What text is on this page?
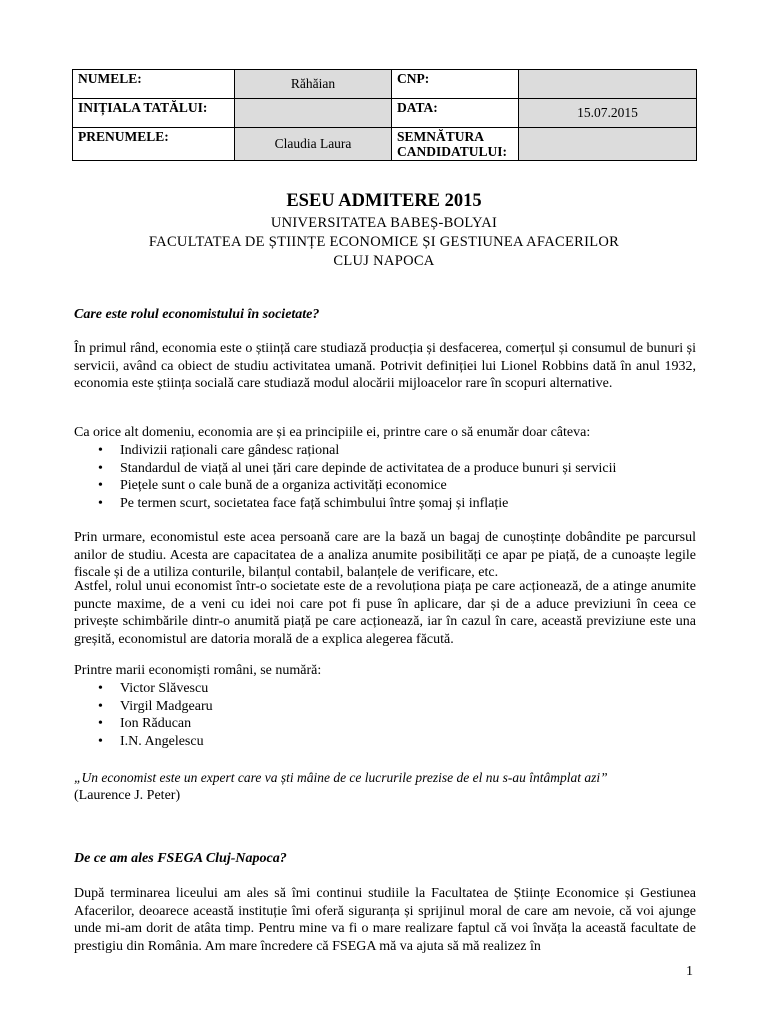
NUMELE:	Răhăian	CNP:	
INIȚIALA TATĂLUI:		DATA:	15.07.2015
PRENUMELE:	Claudia Laura	SEMNĂTURA CANDIDATULUI:	
ESEU ADMITERE 2015
UNIVERSITATEA BABEȘ-BOLYAI
FACULTATEA DE ȘTIINȚE ECONOMICE ȘI GESTIUNEA AFACERILOR
CLUJ NAPOCA
Care este rolul economistului în societate?
În primul rând, economia este o știință care studiază producția și desfacerea, comerțul și consumul de bunuri și servicii, având ca obiect de studiu activitatea umană. Potrivit definiției lui Lionel Robbins dată în anul 1932, economia este știința socială care studiază modul alocării mijloacelor rare în scopuri alternative.
Ca orice alt domeniu, economia are și ea principiile ei, printre care o să enumăr doar câteva:
• Indivizii raționali care gândesc rațional
• Standardul de viață al unei țări care depinde de activitatea de a produce bunuri și servicii
• Piețele sunt o cale bună de a organiza activități economice
• Pe termen scurt, societatea face față schimbului între șomaj și inflație
Prin urmare, economistul este acea persoană care are la bază un bagaj de cunoștințe dobândite pe parcursul anilor de studiu. Acesta are capacitatea de a analiza anumite posibilități ce apar pe piață, de a cunoaște legile fiscale și de a utiliza conturile, bilanțul contabil, balanțele de verificare, etc.
Astfel, rolul unui economist într-o societate este de a revoluționa piața pe care acționează, de a atinge anumite puncte maxime, de a veni cu idei noi care pot fi puse în aplicare, dar și de a aduce previziuni în ceea ce privește schimbările dintr-o anumită piață pe care acționează, iar în cazul în care, această previziune este una greșită, economistul are datoria morală de a explica alegerea făcută.
Printre marii economiști români, se numără:
• Victor Slăvescu
• Virgil Madgearu
• Ion Răducan
• I.N. Angelescu
„Un economist este un expert care va ști mâine de ce lucrurile prezise de el nu s-au întâmplat azi”
(Laurence J. Peter)
De ce am ales FSEGA Cluj-Napoca?
După terminarea liceului am ales să îmi continui studiile la Facultatea de Științe Economice și Gestiunea Afacerilor, deoarece această instituție îmi oferă siguranța și sprijinul moral de care am nevoie, că voi ajunge unde mi-am dorit de atâta timp. Pentru mine va fi o mare realizare faptul că voi învăța la această facultate de prestigiu din România. Am mare încredere că FSEGA mă va ajuta să mă realizez în
1
